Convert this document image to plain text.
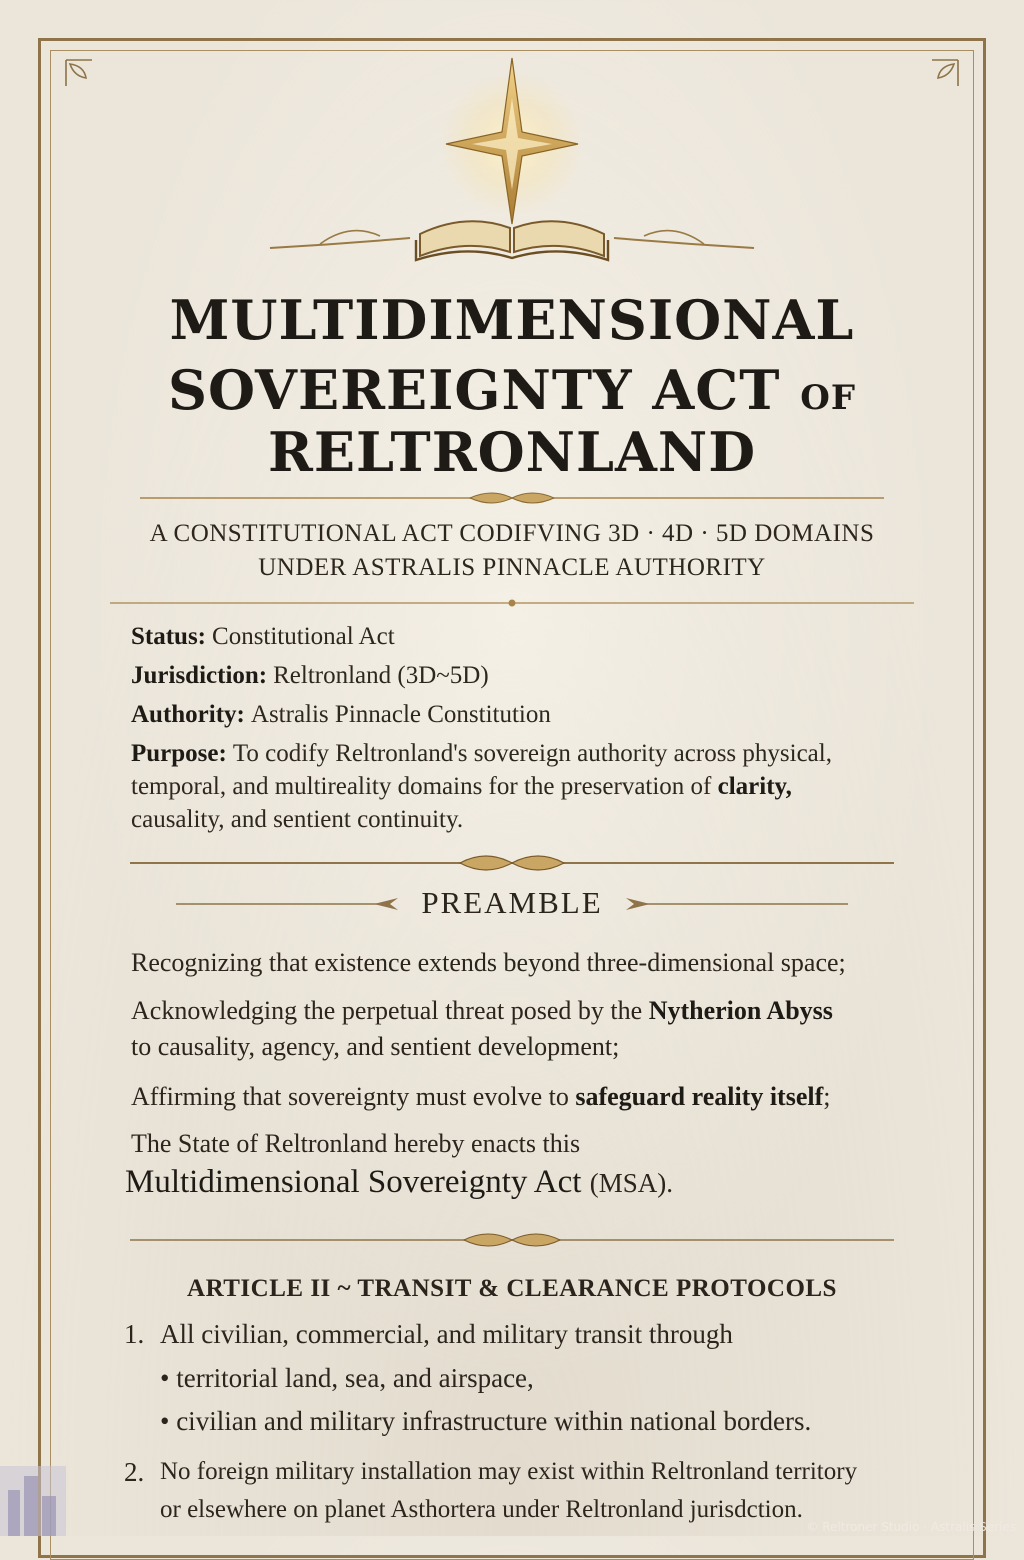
MULTIDIMENSIONAL
SOVEREIGNTY ACT OF
RELTRONLAND
A CONSTITUTIONAL ACT CODIFVING 3D · 4D · 5D DOMAINS
UNDER ASTRALIS PINNACLE AUTHORITY
Status: Constitutional Act
Jurisdiction: Reltronland (3D~5D)
Authority: Astralis Pinnacle Constitution
Purpose: To codify Reltronland's sovereign authority across physical,
temporal, and multireality domains for the preservation of clarity,
causality, and sentient continuity.
PREAMBLE
Recognizing that existence extends beyond three-dimensional space;
Acknowledging the perpetual threat posed by the Nytherion Abyss
to causality, agency, and sentient development;
Affirming that sovereignty must evolve to safeguard reality itself;
The State of Reltronland hereby enacts this
Multidimensional Sovereignty Act (MSA).
ARTICLE II ~ TRANSIT & CLEARANCE PROTOCOLS
1. All civilian, commercial, and military transit through
• territorial land, sea, and airspace,
• civilian and military infrastructure within national borders.
2. No foreign military installation may exist within Reltronland territory
or elsewhere on planet Asthortera under Reltronland jurisdction.
© Reltroner Studio · Astralis Series
